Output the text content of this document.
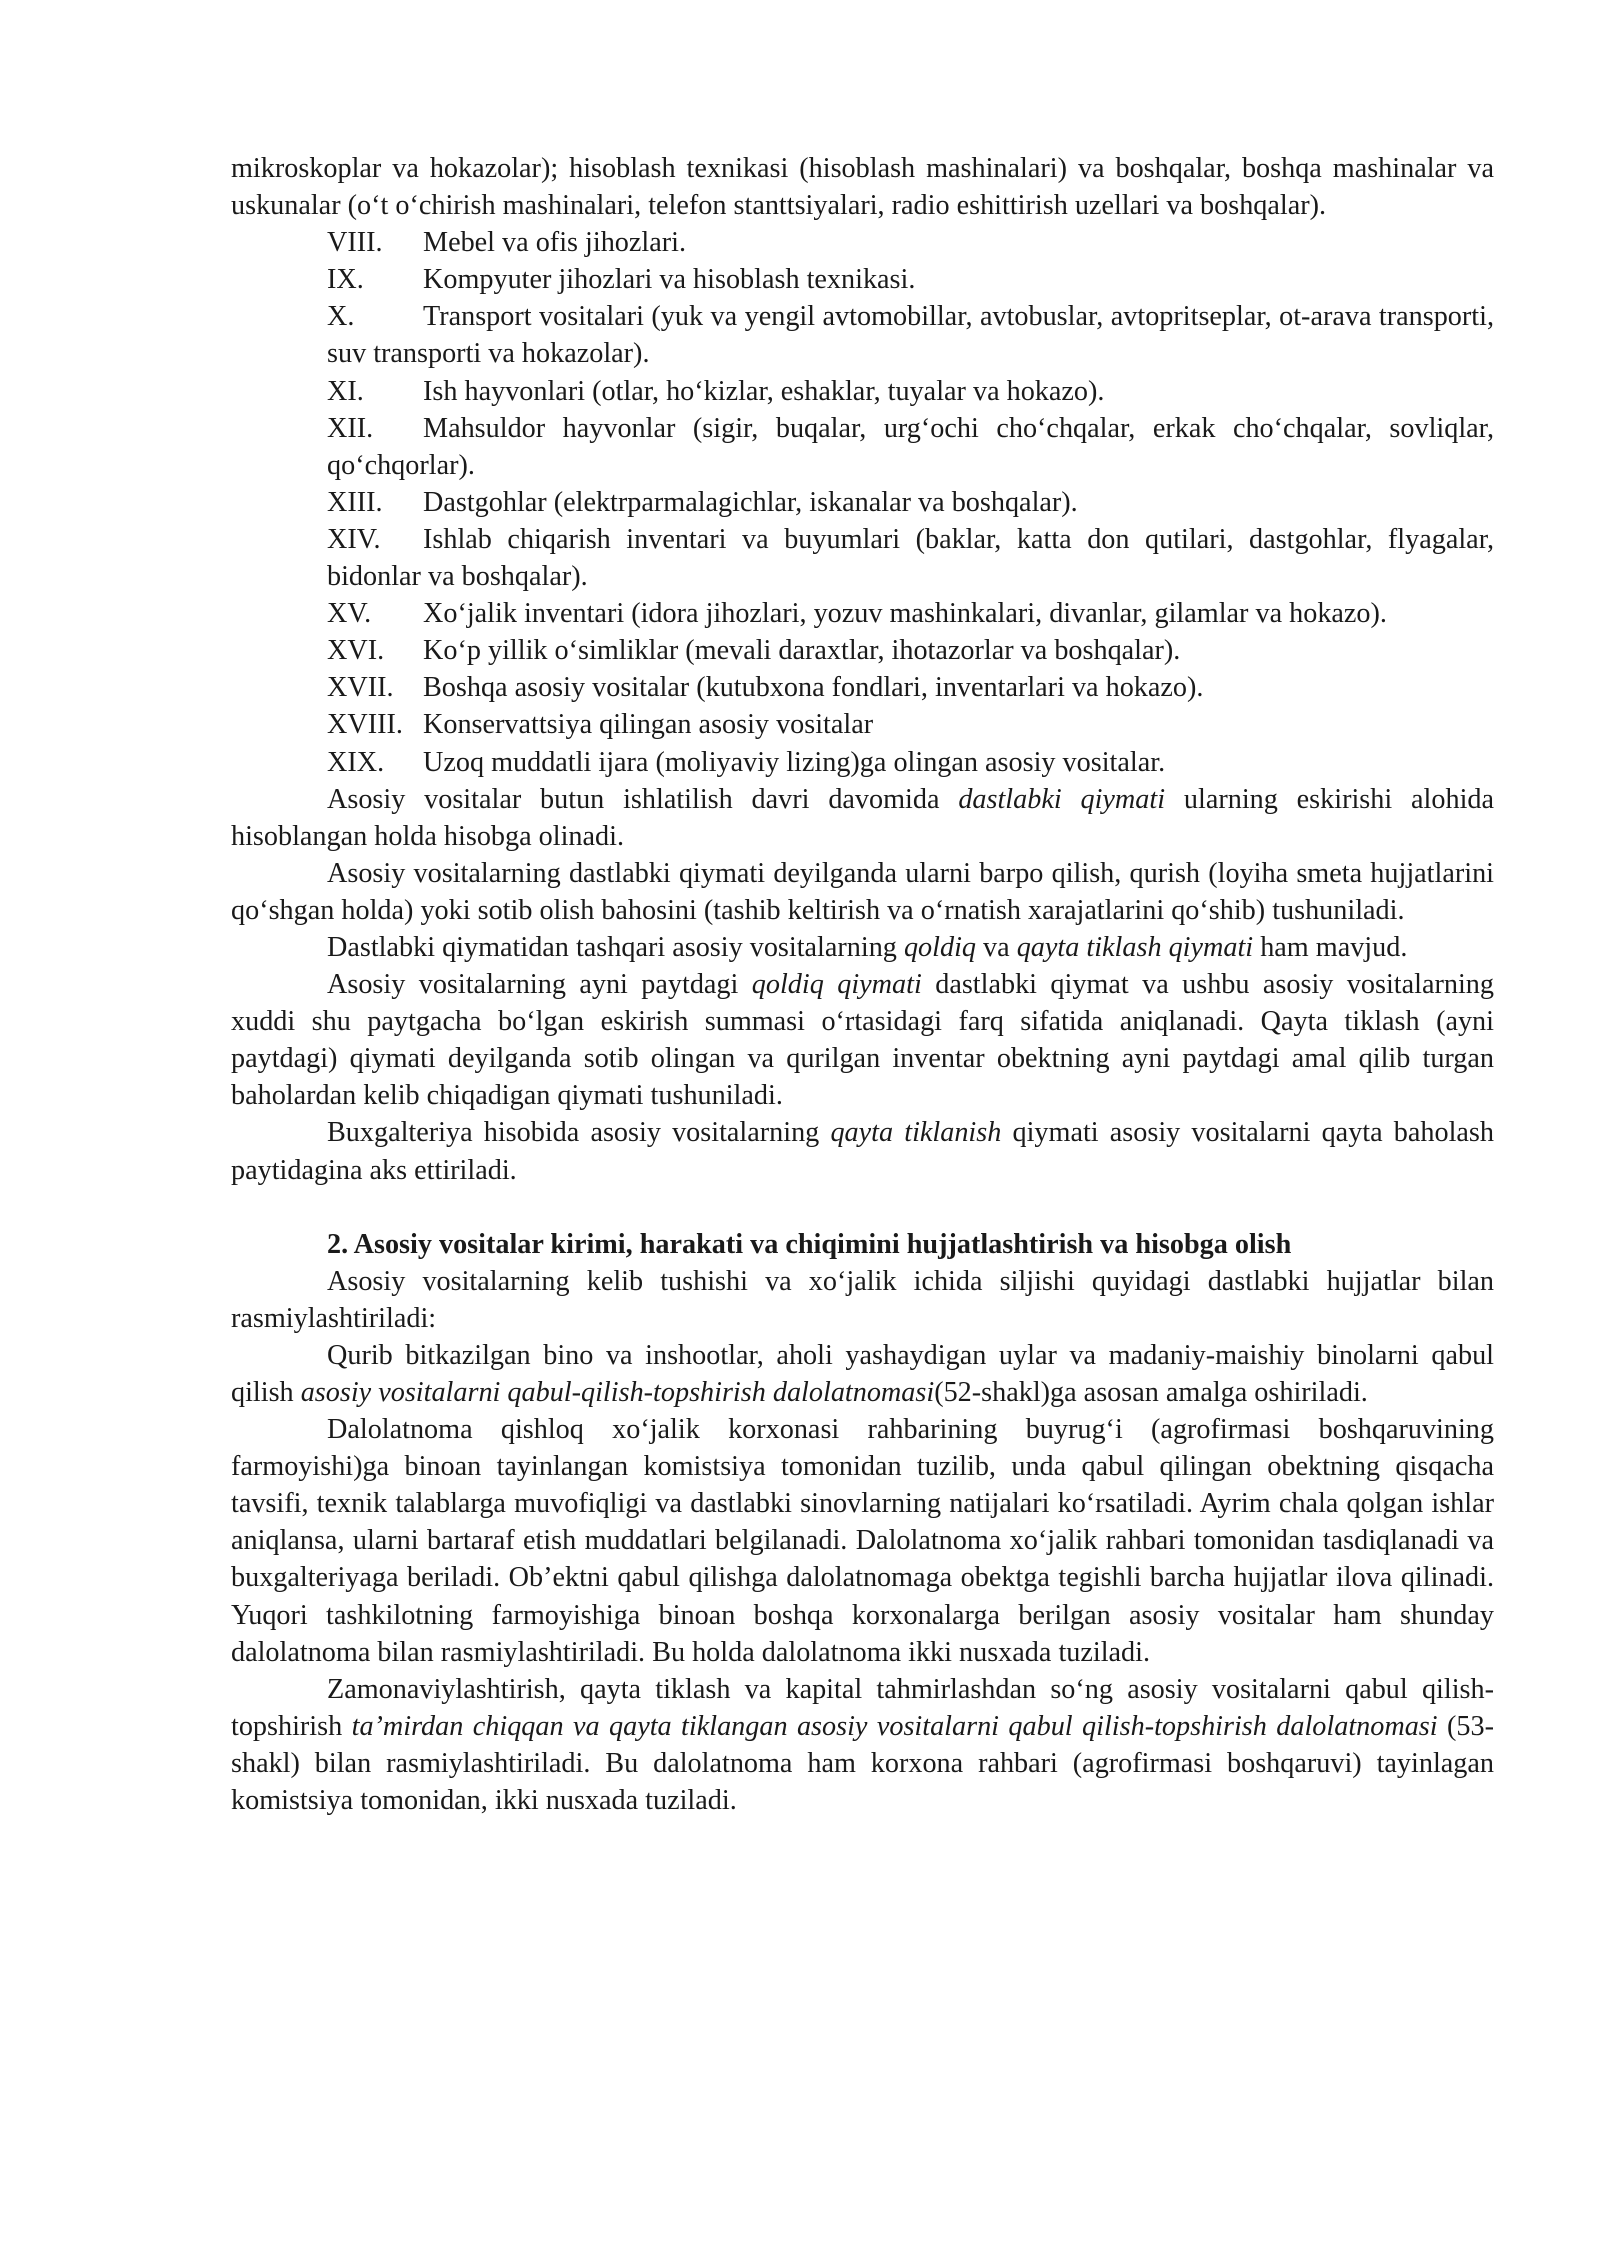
mikroskoplar va hokazolar); hisoblash texnikasi (hisoblash mashinalari) va boshqalar, boshqa mashinalar va uskunalar (o‘t o‘chirish mashinalari, telefon stanttsiyalari, radio eshittirish uzellari va boshqalar).

VIII.	Mebel va ofis jihozlari.
IX.	Kompyuter jihozlari va hisoblash texnikasi.

X. Transport vositalari (yuk va yengil avtomobillar, avtobuslar, avtopritseplar, ot-arava transporti, suv transporti va hokazolar).

XI.	Ish hayvonlari (otlar, ho‘kizlar, eshaklar, tuyalar va hokazo).

XII. Mahsuldor hayvonlar (sigir, buqalar, urg‘ochi cho‘chqalar, erkak cho‘chqalar, sovliqlar, qo‘chqorlar).

XIII.	Dastgohlar (elektrparmalagichlar, iskanalar va boshqalar).

XIV. Ishlab chiqarish inventari va buyumlari (baklar, katta don qutilari, dastgohlar, flyagalar, bidonlar va boshqalar).

XV. Xo‘jalik inventari (idora jihozlari, yozuv mashinkalari, divanlar, gilamlar va hokazo).

XVI.	Ko‘p yillik o‘simliklar (mevali daraxtlar, ihotazorlar va boshqalar).
XVII.	Boshqa asosiy vositalar (kutubxona fondlari, inventarlari va hokazo).
XVIII. Konservattsiya qilingan asosiy vositalar
XIX.	Uzoq muddatli ijara (moliyaviy lizing)ga olingan asosiy vositalar.

Asosiy vositalar butun ishlatilish davri davomida dastlabki qiymati ularning eskirishi alohida hisoblangan holda hisobga olinadi.

Asosiy vositalarning dastlabki qiymati deyilganda ularni barpo qilish, qurish (loyiha smeta hujjatlarini qo‘shgan holda) yoki sotib olish bahosini (tashib keltirish va o‘rnatish xarajatlarini qo‘shib) tushuniladi.

Dastlabki qiymatidan tashqari asosiy vositalarning qoldiq va qayta tiklash qiymati ham mavjud.

Asosiy vositalarning ayni paytdagi qoldiq qiymati dastlabki qiymat va ushbu asosiy vositalarning xuddi shu paytgacha bo‘lgan eskirish summasi o‘rtasidagi farq sifatida aniqlanadi. Qayta tiklash (ayni paytdagi) qiymati deyilganda sotib olingan va qurilgan inventar obektning ayni paytdagi amal qilib turgan baholardan kelib chiqadigan qiymati tushuniladi.

Buxgalteriya hisobida asosiy vositalarning qayta tiklanish qiymati asosiy vositalarni qayta baholash paytidagina aks ettiriladi.

2. Asosiy vositalar kirimi, harakati va chiqimini hujjatlashtirish va hisobga olish

Asosiy vositalarning kelib tushishi va xo‘jalik ichida siljishi quyidagi dastlabki hujjatlar bilan rasmiylashtiriladi:

Qurib bitkazilgan bino va inshootlar, aholi yashaydigan uylar va madaniy-maishiy binolarni qabul qilish asosiy vositalarni qabul-qilish-topshirish dalolatnomasi(52-shakl)ga asosan amalga oshiriladi.

Dalolatnoma qishloq xo‘jalik korxonasi rahbarining buyrug‘i (agrofirmasi boshqaruvining farmoyishi)ga binoan tayinlangan komistsiya tomonidan tuzilib, unda qabul qilingan obektning qisqacha tavsifi, texnik talablarga muvofiqligi va dastlabki sinovlarning natijalari ko‘rsatiladi. Ayrim chala qolgan ishlar aniqlansa, ularni bartaraf etish muddatlari belgilanadi. Dalolatnoma xo‘jalik rahbari tomonidan tasdiqlanadi va buxgalteriyaga beriladi. Ob’ektni qabul qilishga dalolatnomaga obektga tegishli barcha hujjatlar ilova qilinadi. Yuqori tashkilotning farmoyishiga binoan boshqa korxonalarga berilgan asosiy vositalar ham shunday dalolatnoma bilan rasmiylashtiriladi. Bu holda dalolatnoma ikki nusxada tuziladi.

Zamonaviylashtirish, qayta tiklash va kapital tahmirlashdan so‘ng asosiy vositalarni qabul qilish-topshirish ta’mirdan chiqqan va qayta tiklangan asosiy vositalarni qabul qilish-topshirish dalolatnomasi (53-shakl) bilan rasmiylashtiriladi. Bu dalolatnoma ham korxona rahbari (agrofirmasi boshqaruvi) tayinlagan komistsiya tomonidan, ikki nusxada tuziladi.
